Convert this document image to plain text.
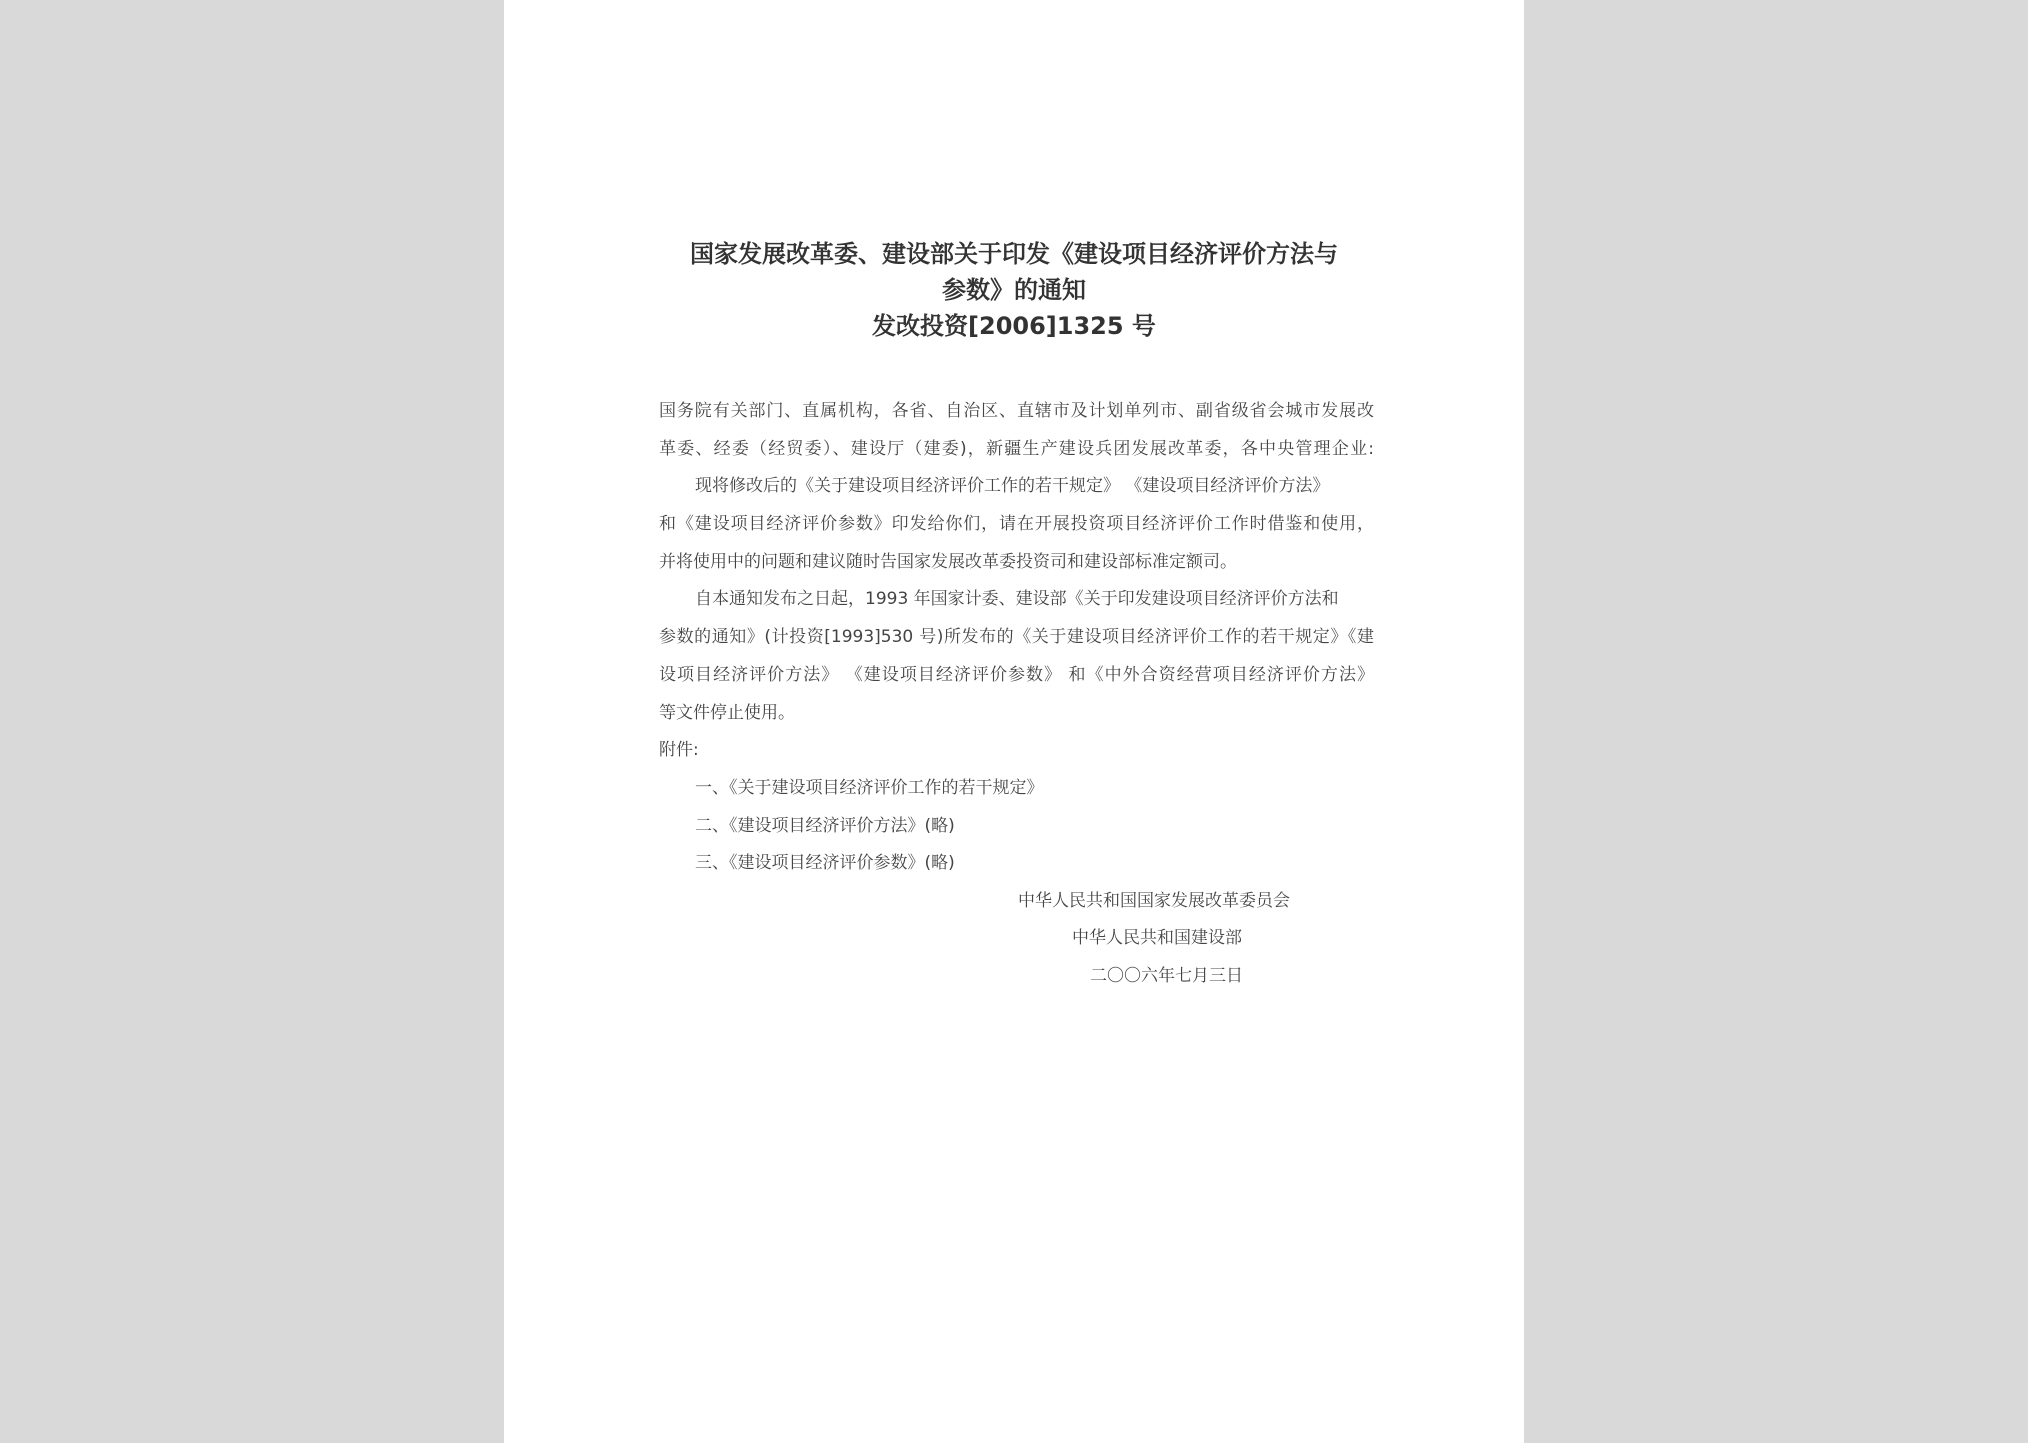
国家发展改革委、建设部关于印发《建设项目经济评价方法与

参数》的通知

发改投资[2006]1325 号

国务院有关部门、直属机构，各省、自治区、直辖市及计划单列市、副省级省会城市发展改
革委、经委（经贸委）、建设厅（建委)，新疆生产建设兵团发展改革委，各中央管理企业:
现将修改后的《关于建设项目经济评价工作的若干规定》 《建设项目经济评价方法》
和《建设项目经济评价参数》印发给你们，请在开展投资项目经济评价工作时借鉴和使用，
并将使用中的问题和建议随时告国家发展改革委投资司和建设部标准定额司。
自本通知发布之日起，1993 年国家计委、建设部《关于印发建设项目经济评价方法和
参数的通知》(计投资[1993]530 号)所发布的《关于建设项目经济评价工作的若干规定》《建
设项目经济评价方法》 《建设项目经济评价参数》 和《中外合资经营项目经济评价方法》
等文件停止使用。
附件:
一、《关于建设项目经济评价工作的若干规定》
二、《建设项目经济评价方法》(略)
三、《建设项目经济评价参数》(略)
中华人民共和国国家发展改革委员会
中华人民共和国建设部
二〇〇六年七月三日
